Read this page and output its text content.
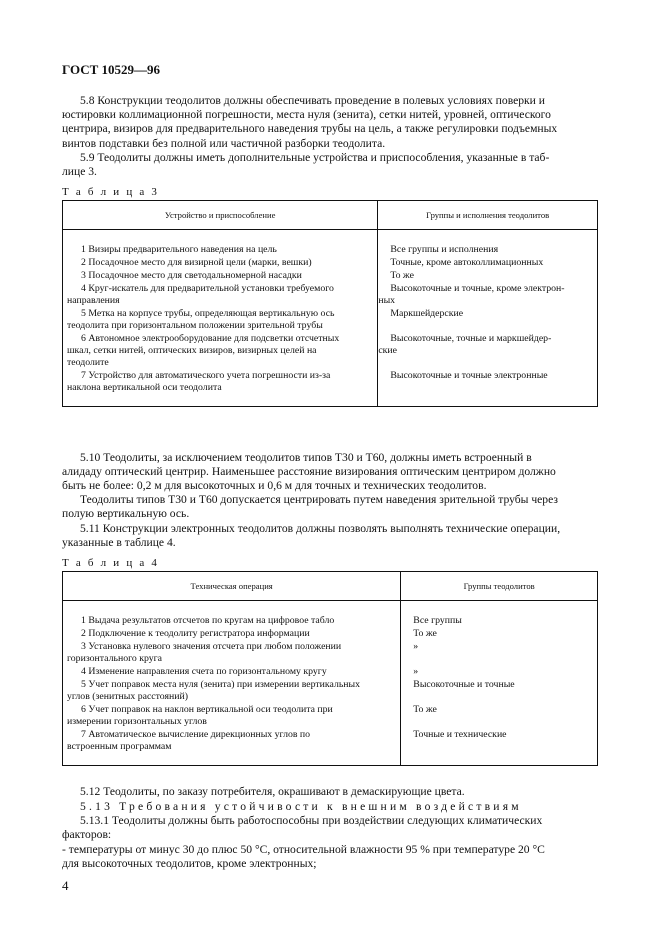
ГОСТ 10529—96
5.8 Конструкции теодолитов должны обеспечивать проведение в полевых условиях поверки и
юстировки коллимационной погрешности, места нуля (зенита), сетки нитей, уровней, оптического
центрира, визиров для предварительного наведения трубы на цель, а также регулировки подъемных
винтов подставки без полной или частичной разборки теодолита.
5.9 Теодолиты должны иметь дополнительные устройства и приспособления, указанные в таб-
лице 3.
Т а б л и ц а 3
Устройство и приспособление	Группы и исполнения теодолитов

1 Визиры предварительного наведения на цель	Все группы и исполнения

2 Посадочное место для визирной цели (марки, вешки)	Точные, кроме автоколлимационных

3 Посадочное место для светодальномерной насадки	То же

4 Круг-искатель для предварительной установки требуемого
направления	Высокоточные и точные, кроме электрон-
ных

5 Метка на корпусе трубы, определяющая вертикальную ось
теодолита при горизонтальном положении зрительной трубы	Маркшейдерские

6 Автономное электрооборудование для подсветки отсчетных
шкал, сетки нитей, оптических визиров, визирных целей на
теодолите	Высокоточные, точные и маркшейдер-
ские

7 Устройство для автоматического учета погрешности из-за
наклона вертикальной оси теодолита	Высокоточные и точные электронные
5.10 Теодолиты, за исключением теодолитов типов Т30 и Т60, должны иметь встроенный в
алидаду оптический центрир. Наименьшее расстояние визирования оптическим центриром должно
быть не более: 0,2 м для высокоточных и 0,6 м для точных и технических теодолитов.
Теодолиты типов Т30 и Т60 допускается центрировать путем наведения зрительной трубы через
полую вертикальную ось.
5.11 Конструкции электронных теодолитов должны позволять выполнять технические операции,
указанные в таблице 4.
Т а б л и ц а 4
Техническая операция	Группы теодолитов

1 Выдача результатов отсчетов по кругам на цифровое табло	Все группы

2 Подключение к теодолиту регистратора информации	То же

3 Установка нулевого значения отсчета при любом положении
горизонтального круга	»

4 Изменение направления счета по горизонтальному кругу	»

5 Учет поправок места нуля (зенита) при измерении вертикальных
углов (зенитных расстояний)	Высокоточные и точные

6 Учет поправок на наклон вертикальной оси теодолита при
измерении горизонтальных углов	То же

7 Автоматическое вычисление дирекционных углов по
встроенным программам	Точные и технические
5.12 Теодолиты, по заказу потребителя, окрашивают в демаскирующие цвета.
5.13 Требования устойчивости к внешним воздействиям
5.13.1 Теодолиты должны быть работоспособны при воздействии следующих климатических
факторов:
- температуры от минус 30 до плюс 50 °С, относительной влажности 95 % при температуре 20 °С
для высокоточных теодолитов, кроме электронных;
4
